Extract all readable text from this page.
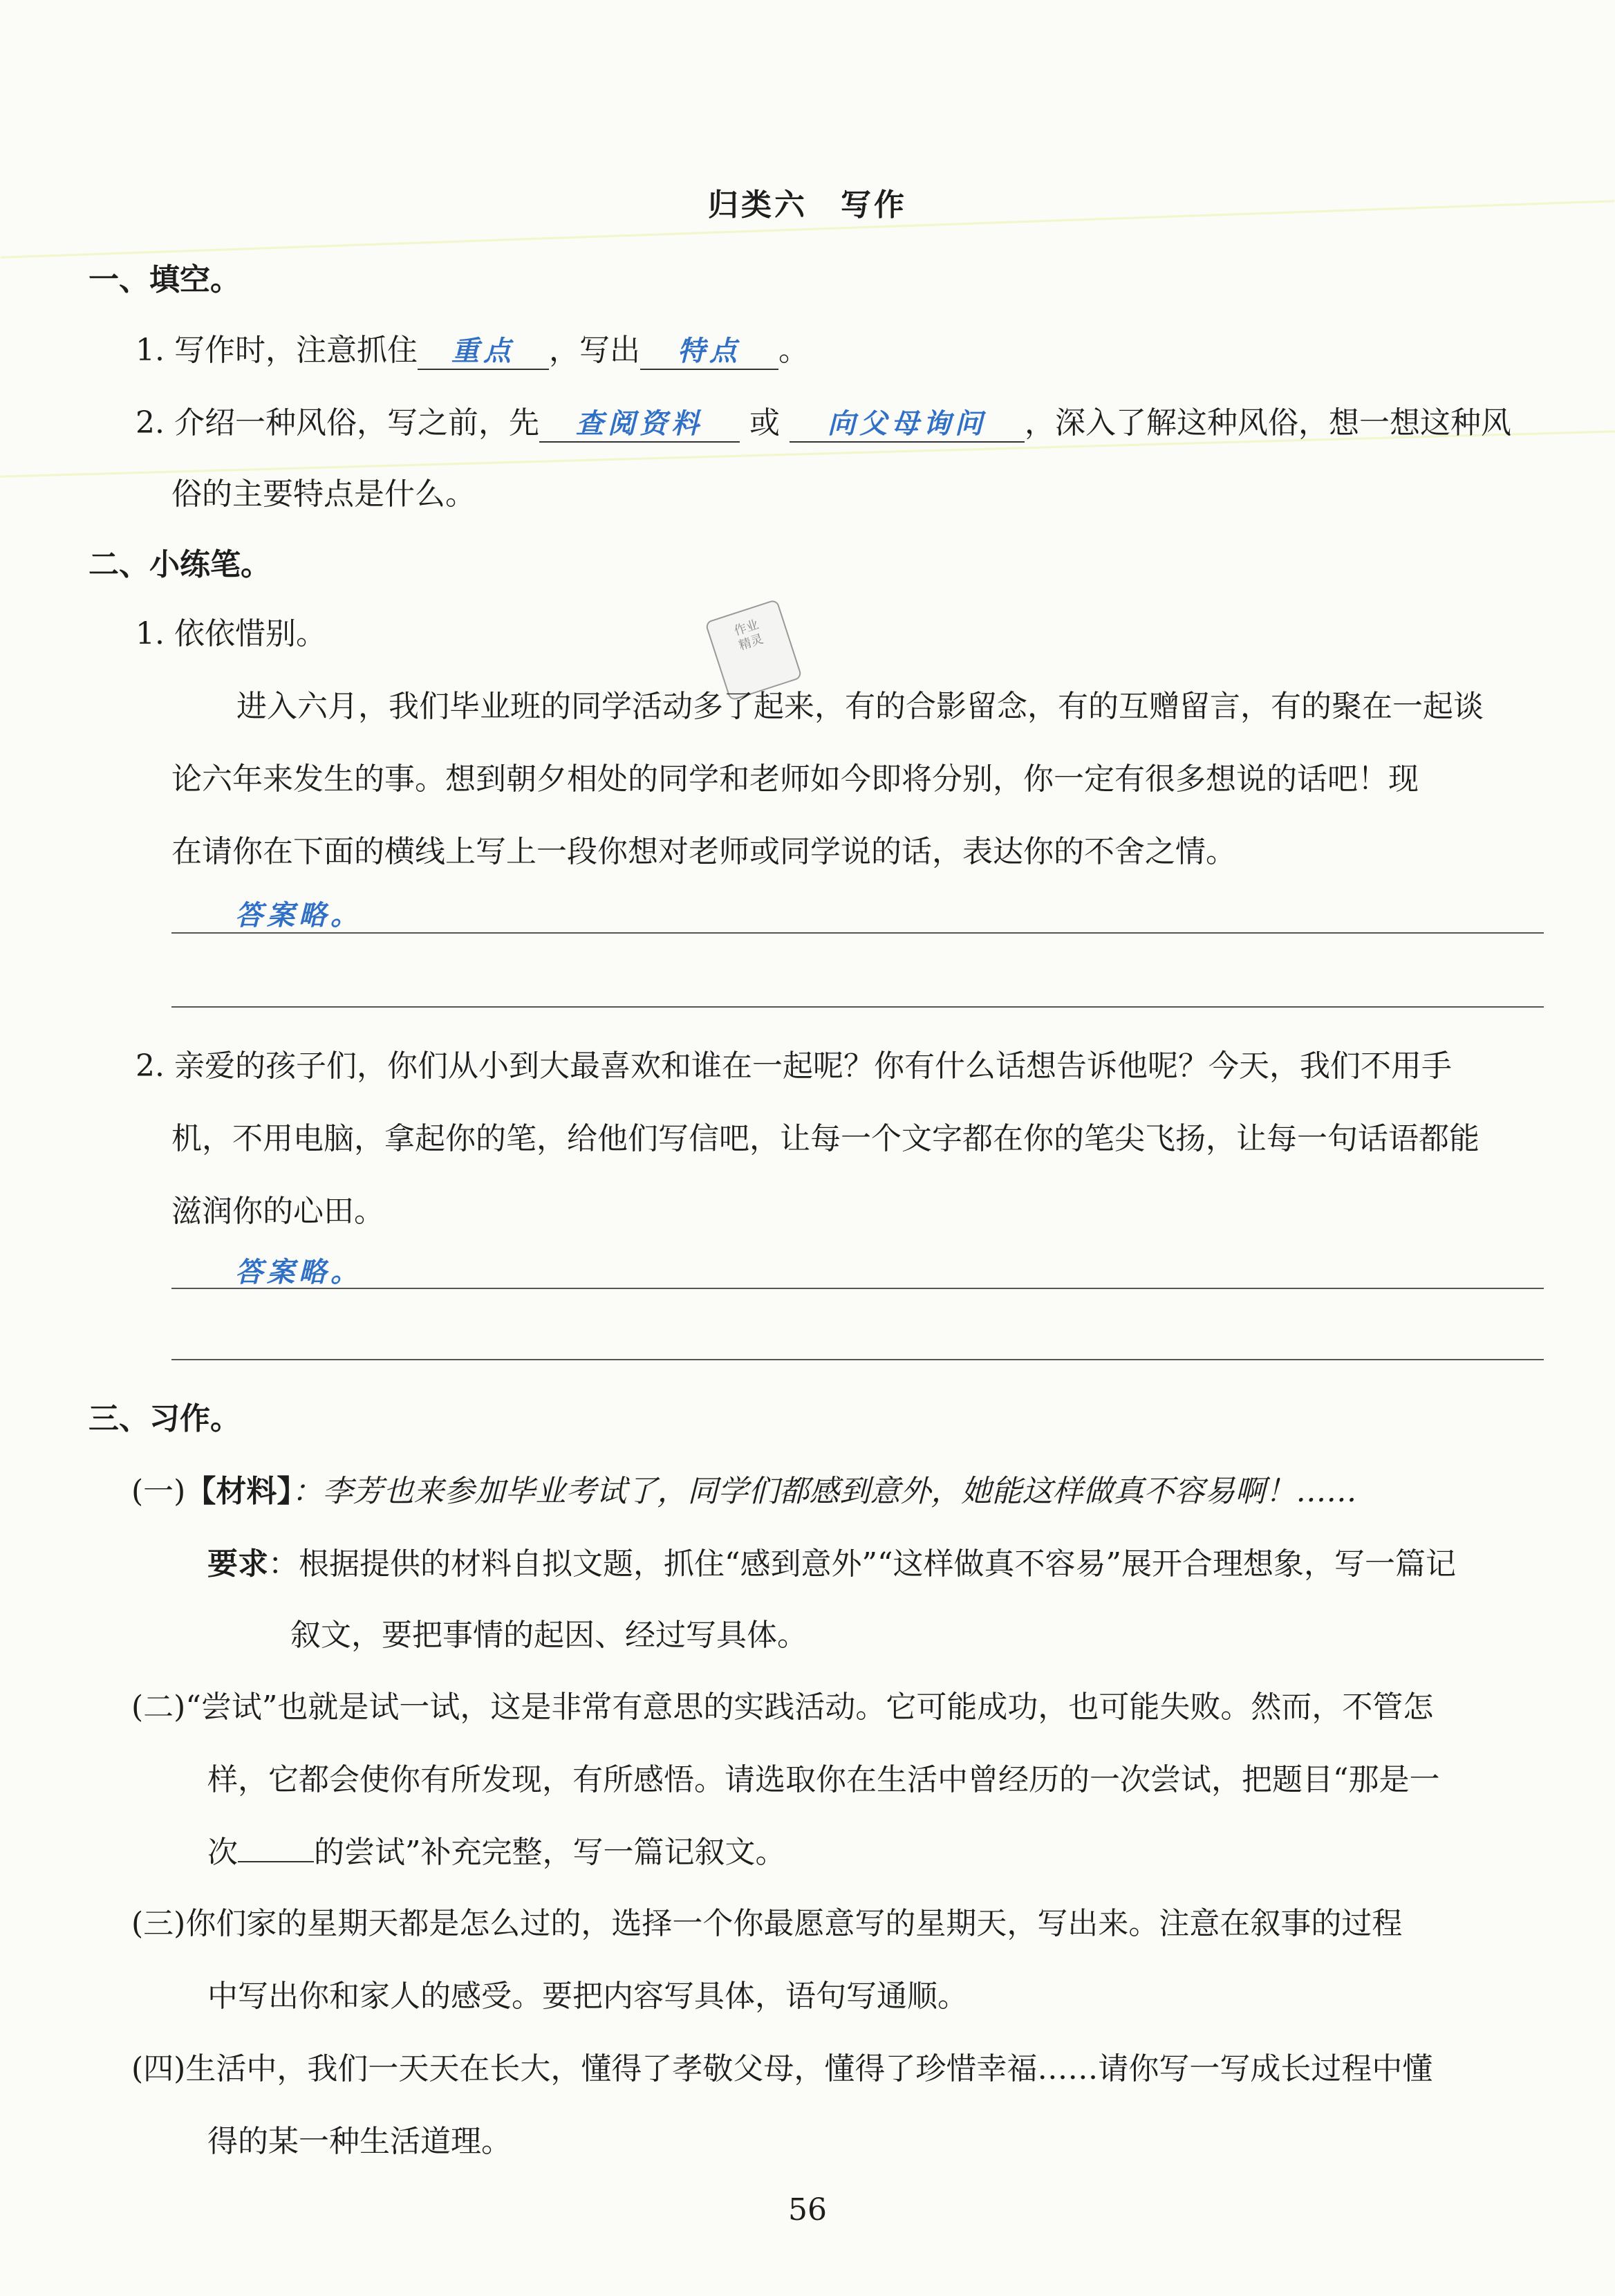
归类六　写作
一、填空。
1. 写作时，注意抓住 重点 ，写出 特点 。
2. 介绍一种风俗，写之前，先 查阅资料 或 向父母询问 ，深入了解这种风俗，想一想这种风
俗的主要特点是什么。
二、小练笔。
1. 依依惜别。	作业
精灵
进入六月，我们毕业班的同学活动多了起来，有的合影留念，有的互赠留言，有的聚在一起谈
论六年来发生的事。想到朝夕相处的同学和老师如今即将分别，你一定有很多想说的话吧！现
在请你在下面的横线上写上一段你想对老师或同学说的话，表达你的不舍之情。
答案略。
2. 亲爱的孩子们，你们从小到大最喜欢和谁在一起呢？你有什么话想告诉他呢？今天，我们不用手
机，不用电脑，拿起你的笔，给他们写信吧，让每一个文字都在你的笔尖飞扬，让每一句话语都能
滋润你的心田。
答案略。
三、习作。
(一)【材料】：李芳也来参加毕业考试了，同学们都感到意外，她能这样做真不容易啊！……
要求：根据提供的材料自拟文题，抓住“感到意外”“这样做真不容易”展开合理想象，写一篇记
叙文，要把事情的起因、经过写具体。
(二)“尝试”也就是试一试，这是非常有意思的实践活动。它可能成功，也可能失败。然而，不管怎
样，它都会使你有所发现，有所感悟。请选取你在生活中曾经历的一次尝试，把题目“那是一
次	的尝试”补充完整，写一篇记叙文。
(三)你们家的星期天都是怎么过的，选择一个你最愿意写的星期天，写出来。注意在叙事的过程
中写出你和家人的感受。要把内容写具体，语句写通顺。
(四)生活中，我们一天天在长大，懂得了孝敬父母，懂得了珍惜幸福……请你写一写成长过程中懂
得的某一种生活道理。
56
